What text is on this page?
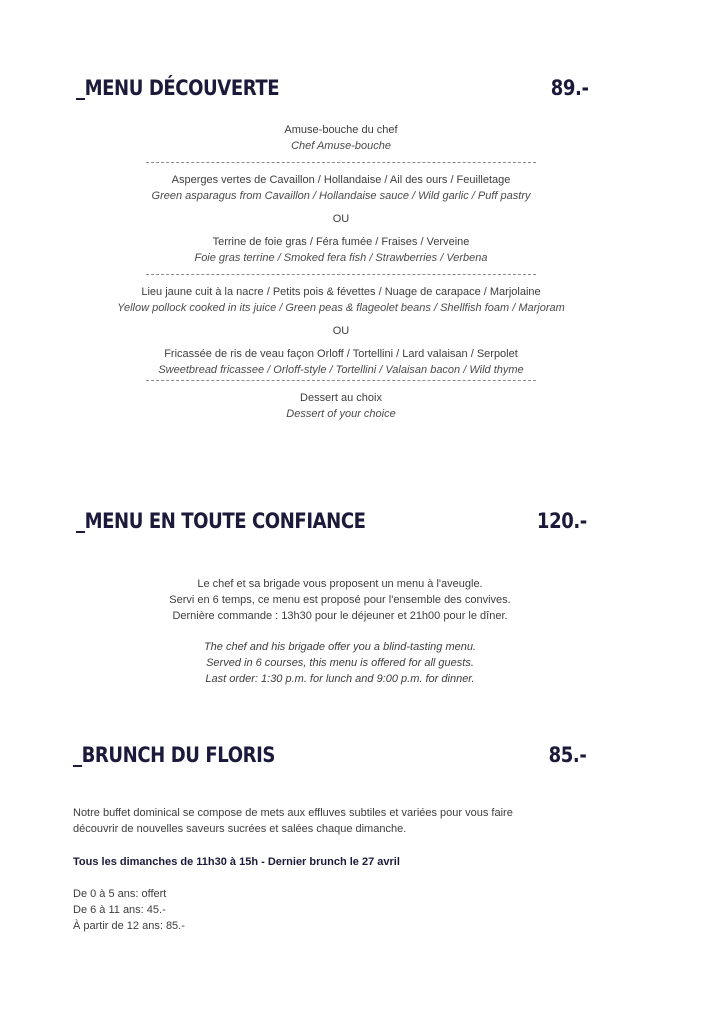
_MENU DÉCOUVERTE	89.-
Amuse-bouche du chef
Chef Amuse-bouche
Asperges vertes de Cavaillon / Hollandaise / Ail des ours / Feuilletage
Green asparagus from Cavaillon / Hollandaise sauce / Wild garlic / Puff pastry
OU
Terrine de foie gras / Féra fumée / Fraises / Verveine
Foie gras terrine / Smoked fera fish / Strawberries / Verbena
Lieu jaune cuit à la nacre / Petits pois & févettes / Nuage de carapace / Marjolaine
Yellow pollock cooked in its juice / Green peas & flageolet beans / Shellfish foam / Marjoram
OU
Fricassée de ris de veau façon Orloff / Tortellini / Lard valaisan / Serpolet
Sweetbread fricassee / Orloff-style / Tortellini / Valaisan bacon / Wild thyme
Dessert au choix
Dessert of your choice
_MENU EN TOUTE CONFIANCE	120.-
Le chef et sa brigade vous proposent un menu à l'aveugle.
Servi en 6 temps, ce menu est proposé pour l'ensemble des convives.
Dernière commande : 13h30 pour le déjeuner et 21h00 pour le dîner.
The chef and his brigade offer you a blind-tasting menu.
Served in 6 courses, this menu is offered for all guests.
Last order: 1:30 p.m. for lunch and 9:00 p.m. for dinner.
_BRUNCH DU FLORIS	85.-
Notre buffet dominical se compose de mets aux effluves subtiles et variées pour vous faire
découvrir de nouvelles saveurs sucrées et salées chaque dimanche.
Tous les dimanches de 11h30 à 15h - Dernier brunch le 27 avril
De 0 à 5 ans: offert
De 6 à 11 ans: 45.-
À partir de 12 ans: 85.-
